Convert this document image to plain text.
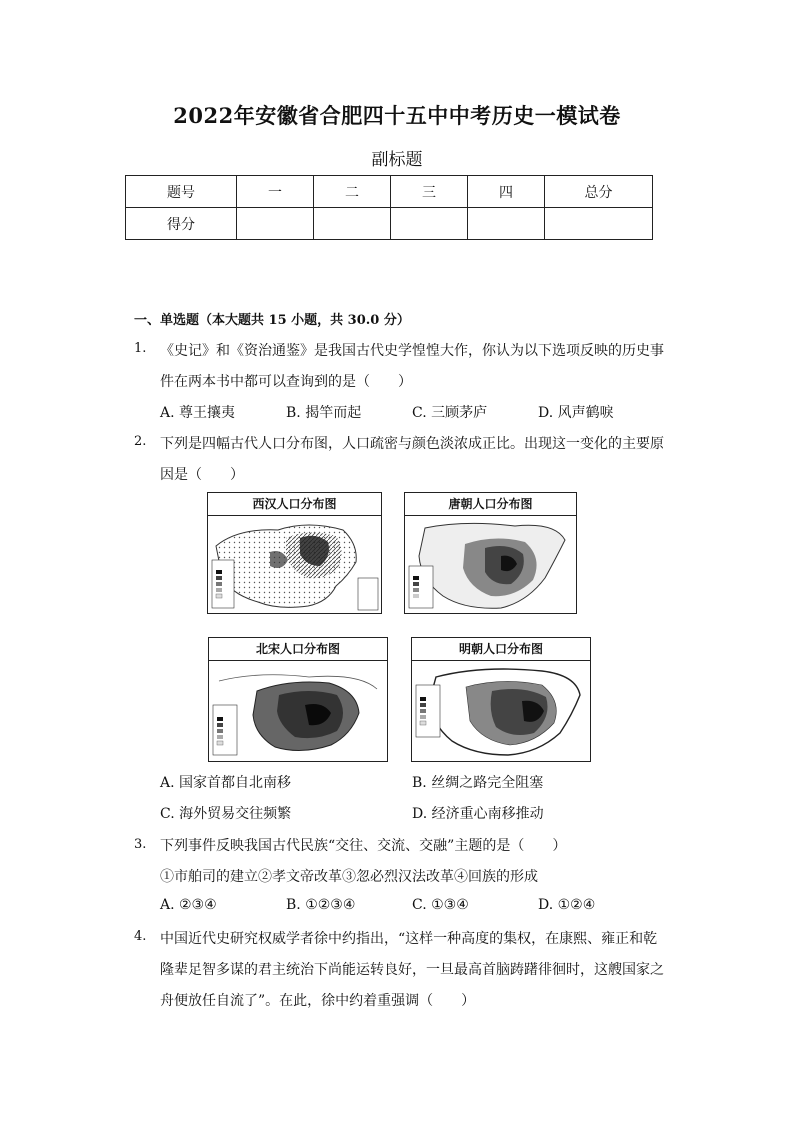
2022年安徽省合肥四十五中中考历史一模试卷
副标题
题号	一	二	三	四	总分
得分					
一、单选题（本大题共 15 小题，共 30.0 分）
1. 《史记》和《资治通鉴》是我国古代史学惶惶大作，你认为以下选项反映的历史事
件在两本书中都可以查询到的是（　　）
A. 尊王攘夷	B. 揭竿而起	C. 三顾茅庐	D. 风声鹤唳
2. 下列是四幅古代人口分布图，人口疏密与颜色淡浓成正比。出现这一变化的主要原
因是（　　）
西汉人口分布图	唐朝人口分布图
北宋人口分布图	明朝人口分布图
A. 国家首都自北南移	B. 丝绸之路完全阻塞
C. 海外贸易交往频繁	D. 经济重心南移推动
3. 下列事件反映我国古代民族“交往、交流、交融”主题的是（　　）
①市舶司的建立②孝文帝改革③忽必烈汉法改革④回族的形成
A. ②③④	B. ①②③④	C. ①③④	D. ①②④
4. 中国近代史研究权威学者徐中约指出，“这样一种高度的集权，在康熙、雍正和乾
隆辈足智多谋的君主统治下尚能运转良好，一旦最高首脑踌躇徘徊时，这艘国家之
舟便放任自流了”。在此，徐中约着重强调（　　）
